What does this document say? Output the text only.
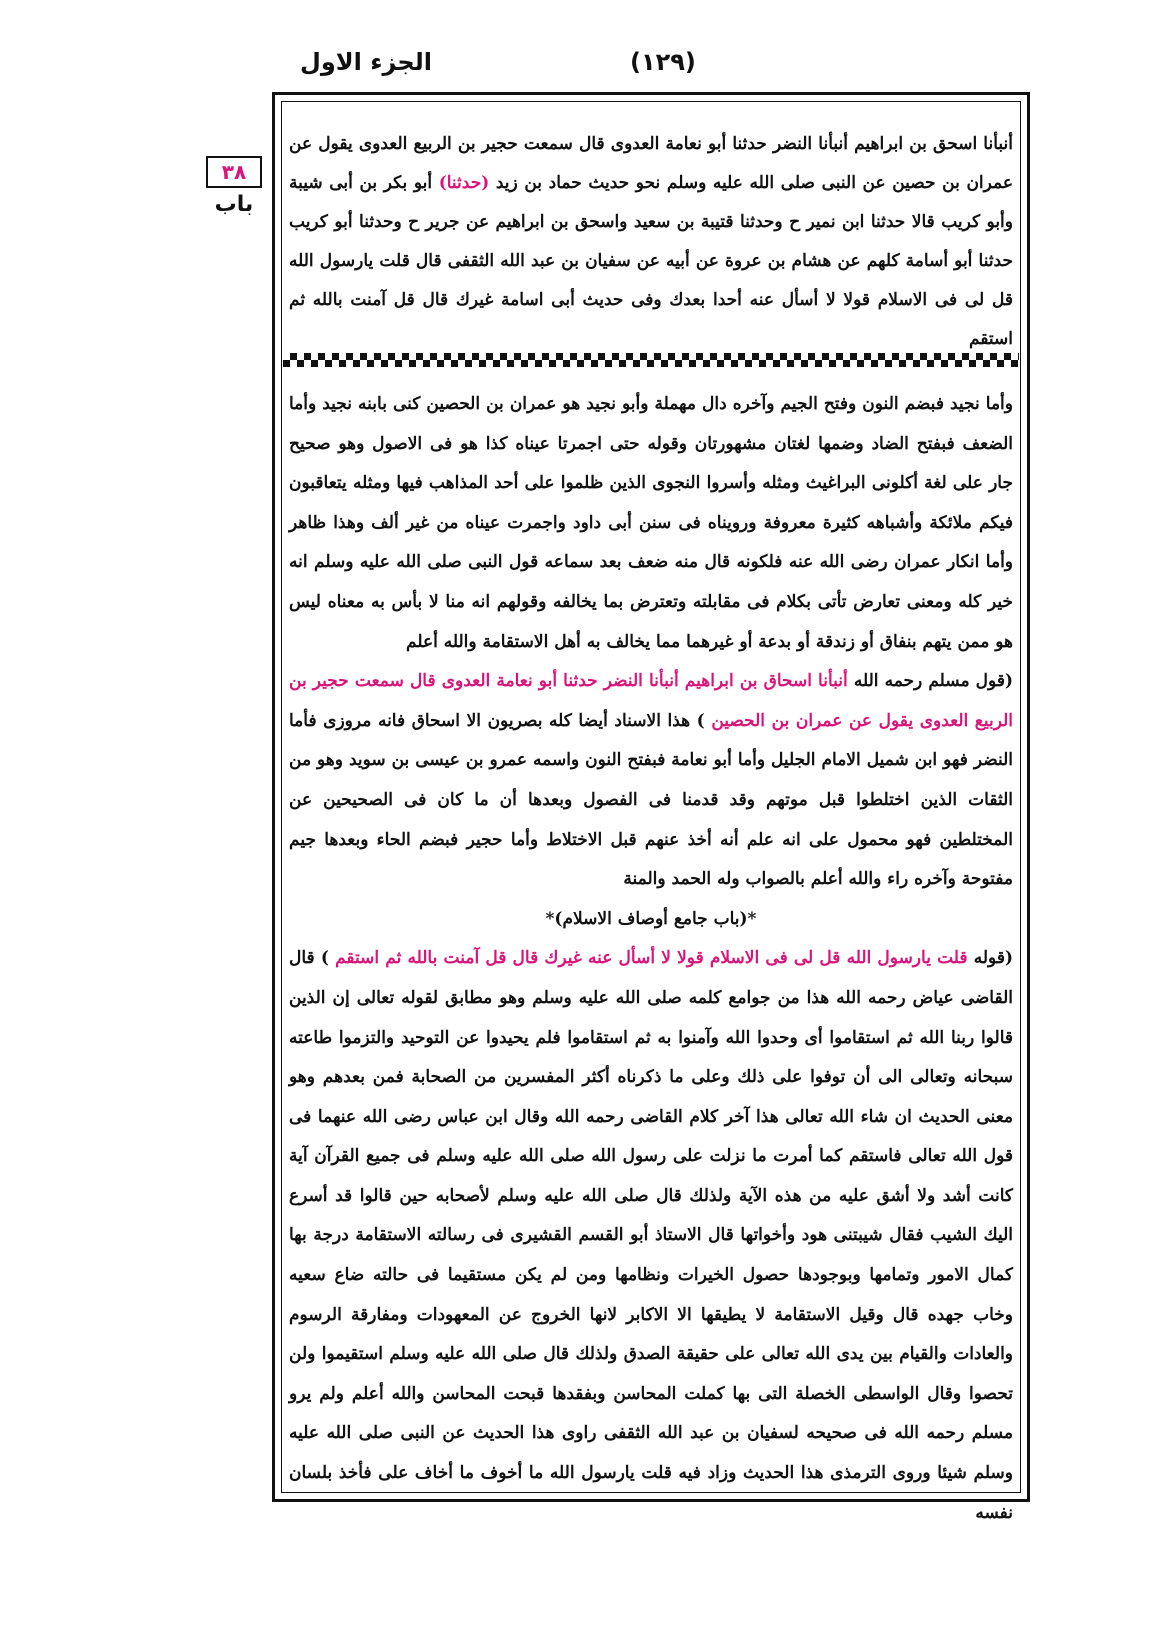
الجزء الاول	(١٢٩)
٣٨
باب

أنبأنا اسحق بن ابراهيم أنبأنا النضر حدثنا أبو نعامة العدوى قال سمعت حجير بن الربيع العدوى يقول عن عمران بن حصين عن النبى صلى الله عليه وسلم نحو حديث حماد بن زيد (حدثنا) أبو بكر بن أبى شيبة وأبو كريب قالا حدثنا ابن نمير ح وحدثنا قتيبة بن سعيد واسحق بن ابراهيم عن جرير ح وحدثنا أبو كريب حدثنا أبو أسامة كلهم عن هشام بن عروة عن أبيه عن سفيان بن عبد الله الثقفى قال قلت يارسول الله قل لى فى الاسلام قولا لا أسأل عنه أحدا بعدك وفى حديث أبى اسامة غيرك قال قل آمنت بالله ثم استقم

وأما نجيد فبضم النون وفتح الجيم وآخره دال مهملة وأبو نجيد هو عمران بن الحصين كنى بابنه نجيد وأما الضعف فبفتح الضاد وضمها لغتان مشهورتان وقوله حتى اجمرتا عيناه كذا هو فى الاصول وهو صحيح جار على لغة أكلونى البراغيث ومثله وأسروا النجوى الذين ظلموا على أحد المذاهب فيها ومثله يتعاقبون فيكم ملائكة وأشباهه كثيرة معروفة ورويناه فى سنن أبى داود واجمرت عيناه من غير ألف وهذا ظاهر وأما انكار عمران رضى الله عنه فلكونه قال منه ضعف بعد سماعه قول النبى صلى الله عليه وسلم انه خير كله ومعنى تعارض تأتى بكلام فى مقابلته وتعترض بما يخالفه وقولهم انه منا لا بأس به معناه ليس هو ممن يتهم بنفاق أو زندقة أو بدعة أو غيرهما مما يخالف به أهل الاستقامة والله أعلم

(قول مسلم رحمه الله أنبأنا اسحاق بن ابراهيم أنبأنا النضر حدثنا أبو نعامة العدوى قال سمعت حجير بن الربيع العدوى يقول عن عمران بن الحصين ) هذا الاسناد أيضا كله بصريون الا اسحاق فانه مروزى فأما النضر فهو ابن شميل الامام الجليل وأما أبو نعامة فبفتح النون واسمه عمرو بن عيسى بن سويد وهو من الثقات الذين اختلطوا قبل موتهم وقد قدمنا فى الفصول وبعدها أن ما كان فى الصحيحين عن المختلطين فهو محمول على انه علم أنه أخذ عنهم قبل الاختلاط وأما حجير فبضم الحاء وبعدها جيم مفتوحة وآخره راء والله أعلم بالصواب وله الحمد والمنة

*(باب جامع أوصاف الاسلام)*

(قوله قلت يارسول الله قل لى فى الاسلام قولا لا أسأل عنه غيرك قال قل آمنت بالله ثم استقم ) قال القاضى عياض رحمه الله هذا من جوامع كلمه صلى الله عليه وسلم وهو مطابق لقوله تعالى إن الذين قالوا ربنا الله ثم استقاموا أى وحدوا الله وآمنوا به ثم استقاموا فلم يحيدوا عن التوحيد والتزموا طاعته سبحانه وتعالى الى أن توفوا على ذلك وعلى ما ذكرناه أكثر المفسرين من الصحابة فمن بعدهم وهو معنى الحديث ان شاء الله تعالى هذا آخر كلام القاضى رحمه الله وقال ابن عباس رضى الله عنهما فى قول الله تعالى فاستقم كما أمرت ما نزلت على رسول الله صلى الله عليه وسلم فى جميع القرآن آية كانت أشد ولا أشق عليه من هذه الآية ولذلك قال صلى الله عليه وسلم لأصحابه حين قالوا قد أسرع اليك الشيب فقال شيبتنى هود وأخواتها قال الاستاذ أبو القسم القشيرى فى رسالته الاستقامة درجة بها كمال الامور وتمامها وبوجودها حصول الخيرات ونظامها ومن لم يكن مستقيما فى حالته ضاع سعيه وخاب جهده قال وقيل الاستقامة لا يطيقها الا الاكابر لانها الخروج عن المعهودات ومفارقة الرسوم والعادات والقيام بين يدى الله تعالى على حقيقة الصدق ولذلك قال صلى الله عليه وسلم استقيموا ولن تحصوا وقال الواسطى الخصلة التى بها كملت المحاسن وبفقدها قبحت المحاسن والله أعلم ولم يرو مسلم رحمه الله فى صحيحه لسفيان بن عبد الله الثقفى راوى هذا الحديث عن النبى صلى الله عليه وسلم شيئا وروى الترمذى هذا الحديث وزاد فيه قلت يارسول الله ما أخوف ما أخاف على فأخذ بلسان نفسه
